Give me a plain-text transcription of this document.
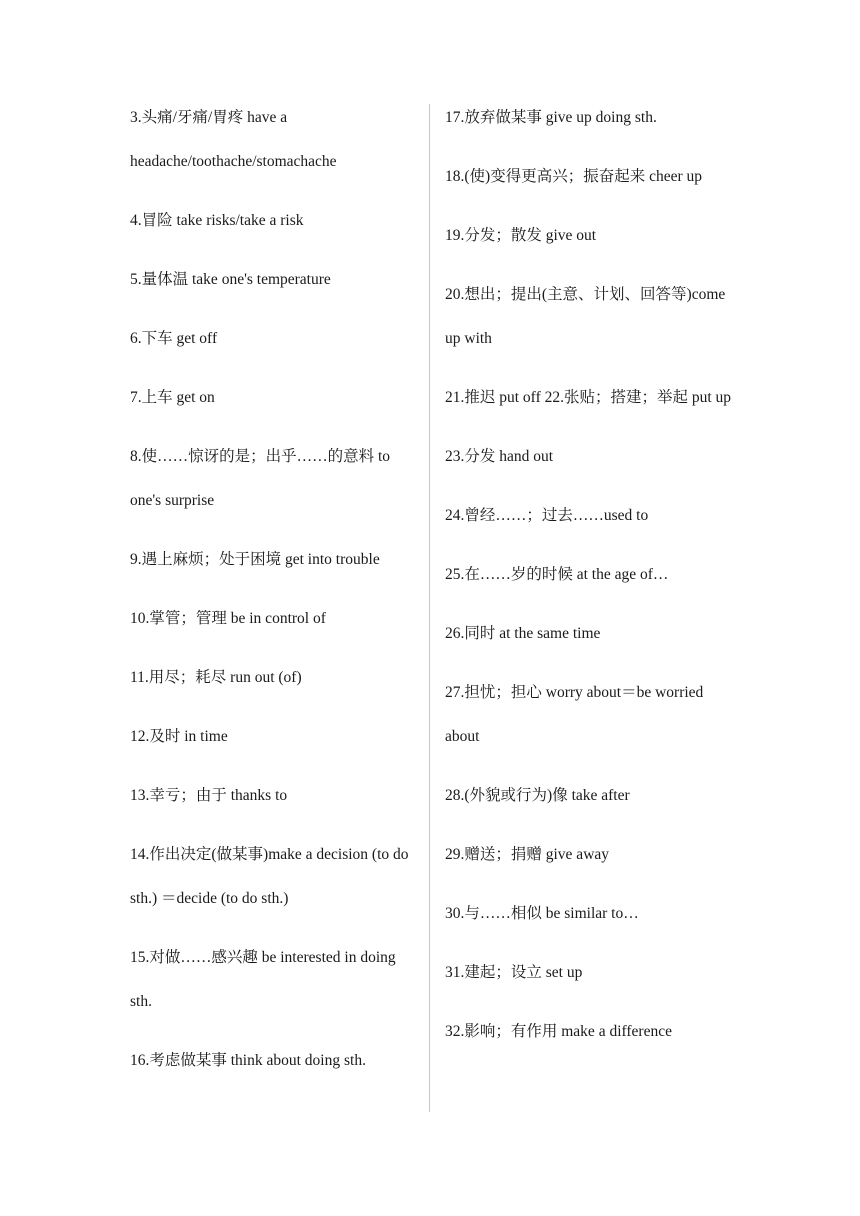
3.头痛/牙痛/胃疼 have a headache/toothache/stomachache
4.冒险 take risks/take a risk
5.量体温 take one's temperature
6.下车 get off
7.上车 get on
8.使……惊讶的是；出乎……的意料 to one's surprise
9.遇上麻烦；处于困境 get into trouble
10.掌管；管理 be in control of
11.用尽；耗尽 run out (of)
12.及时 in time
13.幸亏；由于 thanks to
14.作出决定(做某事)make a decision (to do sth.) ＝decide (to do sth.)
15.对做……感兴趣 be interested in doing sth.
16.考虑做某事 think about doing sth.
17.放弃做某事 give up doing sth.
18.(使)变得更高兴；振奋起来 cheer up
19.分发；散发 give out
20.想出；提出(主意、计划、回答等)come up with
21.推迟 put off 22.张贴；搭建；举起 put up
23.分发 hand out
24.曾经……；过去……used to
25.在……岁的时候 at the age of…
26.同时 at the same time
27.担忧；担心 worry about＝be worried about
28.(外貌或行为)像 take after
29.赠送；捐赠 give away
30.与……相似 be similar to…
31.建起；设立 set up
32.影响；有作用 make a difference
